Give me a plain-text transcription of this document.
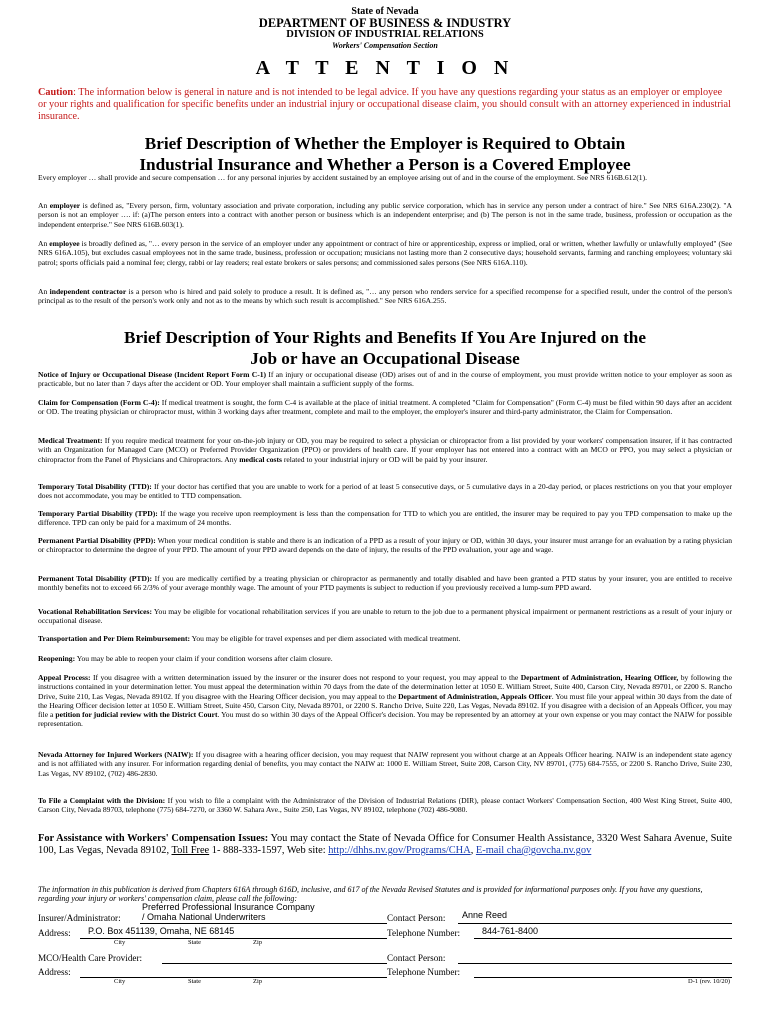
State of Nevada
DEPARTMENT OF BUSINESS & INDUSTRY
DIVISION OF INDUSTRIAL RELATIONS
Workers' Compensation Section
A T T E N T I O N
Caution: The information below is general in nature and is not intended to be legal advice. If you have any questions regarding your status as an employer or employee or your rights and qualification for specific benefits under an industrial injury or occupational disease claim, you should consult with an attorney experienced in industrial insurance.
Brief Description of Whether the Employer is Required to Obtain
Industrial Insurance and Whether a Person is a Covered Employee
Every employer … shall provide and secure compensation … for any personal injuries by accident sustained by an employee arising out of and in the course of the employment. See NRS 616B.612(1).
An employer is defined as, "Every person, firm, voluntary association and private corporation, including any public service corporation, which has in service any person under a contract of hire." See NRS 616A.230(2). "A person is not an employer …. if: (a)The person enters into a contract with another person or business which is an independent enterprise; and (b) The person is not in the same trade, business, profession or occupation as the independent enterprise." See NRS 616B.603(1).
An employee is broadly defined as, "… every person in the service of an employer under any appointment or contract of hire or apprenticeship, express or implied, oral or written, whether lawfully or unlawfully employed" (See NRS 616A.105), but excludes casual employees not in the same trade, business, profession or occupation; musicians not lasting more than 2 consecutive days; household servants, farming and ranching employees; voluntary ski patrol; sports officials paid a nominal fee; clergy, rabbi or lay readers; real estate brokers or sales persons; and commissioned sales persons (See NRS 616A.110).
An independent contractor is a person who is hired and paid solely to produce a result. It is defined as, "… any person who renders service for a specified recompense for a specified result, under the control of the person's principal as to the result of the person's work only and not as to the means by which such result is accomplished." See NRS 616A.255.
Brief Description of Your Rights and Benefits If You Are Injured on the
Job or have an Occupational Disease
Notice of Injury or Occupational Disease (Incident Report Form C-1) If an injury or occupational disease (OD) arises out of and in the course of employment, you must provide written notice to your employer as soon as practicable, but no later than 7 days after the accident or OD. Your employer shall maintain a sufficient supply of the forms.
Claim for Compensation (Form C-4): If medical treatment is sought, the form C-4 is available at the place of initial treatment. A completed "Claim for Compensation" (Form C-4) must be filed within 90 days after an accident or OD. The treating physician or chiropractor must, within 3 working days after treatment, complete and mail to the employer, the employer's insurer and third-party administrator, the Claim for Compensation.
Medical Treatment: If you require medical treatment for your on-the-job injury or OD, you may be required to select a physician or chiropractor from a list provided by your workers' compensation insurer, if it has contracted with an Organization for Managed Care (MCO) or Preferred Provider Organization (PPO) or providers of health care. If your employer has not entered into a contract with an MCO or PPO, you may select a physician or chiropractor from the Panel of Physicians and Chiropractors. Any medical costs related to your industrial injury or OD will be paid by your insurer.
Temporary Total Disability (TTD): If your doctor has certified that you are unable to work for a period of at least 5 consecutive days, or 5 cumulative days in a 20-day period, or places restrictions on you that your employer does not accommodate, you may be entitled to TTD compensation.
Temporary Partial Disability (TPD): If the wage you receive upon reemployment is less than the compensation for TTD to which you are entitled, the insurer may be required to pay you TPD compensation to make up the difference. TPD can only be paid for a maximum of 24 months.
Permanent Partial Disability (PPD): When your medical condition is stable and there is an indication of a PPD as a result of your injury or OD, within 30 days, your insurer must arrange for an evaluation by a rating physician or chiropractor to determine the degree of your PPD. The amount of your PPD award depends on the date of injury, the results of the PPD evaluation, your age and wage.
Permanent Total Disability (PTD): If you are medically certified by a treating physician or chiropractor as permanently and totally disabled and have been granted a PTD status by your insurer, you are entitled to receive monthly benefits not to exceed 66 2/3% of your average monthly wage. The amount of your PTD payments is subject to reduction if you previously received a lump-sum PPD award.
Vocational Rehabilitation Services: You may be eligible for vocational rehabilitation services if you are unable to return to the job due to a permanent physical impairment or permanent restrictions as a result of your injury or occupational disease.
Transportation and Per Diem Reimbursement: You may be eligible for travel expenses and per diem associated with medical treatment.
Reopening: You may be able to reopen your claim if your condition worsens after claim closure.
Appeal Process: If you disagree with a written determination issued by the insurer or the insurer does not respond to your request, you may appeal to the Department of Administration, Hearing Officer, by following the instructions contained in your determination letter. You must appeal the determination within 70 days from the date of the determination letter at 1050 E. William Street, Suite 400, Carson City, Nevada 89701, or 2200 S. Rancho Drive, Suite 210, Las Vegas, Nevada 89102. If you disagree with the Hearing Officer decision, you may appeal to the Department of Administration, Appeals Officer. You must file your appeal within 30 days from the date of the Hearing Officer decision letter at 1050 E. William Street, Suite 450, Carson City, Nevada 89701, or 2200 S. Rancho Drive, Suite 220, Las Vegas, Nevada 89102. If you disagree with a decision of an Appeals Officer, you may file a petition for judicial review with the District Court. You must do so within 30 days of the Appeal Officer's decision. You may be represented by an attorney at your own expense or you may contact the NAIW for possible representation.
Nevada Attorney for Injured Workers (NAIW): If you disagree with a hearing officer decision, you may request that NAIW represent you without charge at an Appeals Officer hearing. NAIW is an independent state agency and is not affiliated with any insurer. For information regarding denial of benefits, you may contact the NAIW at: 1000 E. William Street, Suite 208, Carson City, NV 89701, (775) 684-7555, or 2200 S. Rancho Drive, Suite 230, Las Vegas, NV 89102, (702) 486-2830.
To File a Complaint with the Division: If you wish to file a complaint with the Administrator of the Division of Industrial Relations (DIR), please contact Workers' Compensation Section, 400 West King Street, Suite 400, Carson City, Nevada 89703, telephone (775) 684-7270, or 3360 W. Sahara Ave., Suite 250, Las Vegas, NV 89102, telephone (702) 486-9080.
For Assistance with Workers' Compensation Issues: You may contact the State of Nevada Office for Consumer Health Assistance, 3320 West Sahara Avenue, Suite 100, Las Vegas, Nevada 89102, Toll Free 1- 888-333-1597, Web site: http://dhhs.nv.gov/Programs/CHA, E-mail cha@govcha.nv.gov
The information in this publication is derived from Chapters 616A through 616D, inclusive, and 617 of the Nevada Revised Statutes and is provided for informational purposes only. If you have any questions, regarding your injury or workers' compensation claim, please call the following:
Preferred Professional Insurance Company
Insurer/Administrator: / Omaha National Underwriters	Contact Person: Anne Reed
Address: P.O. Box 451139, Omaha, NE 68145	Telephone Number: 844-761-8400
City	State	Zip
MCO/Health Care Provider:	Contact Person:
Address:	Telephone Number:
City	State	Zip	D-1 (rev. 10/20)
